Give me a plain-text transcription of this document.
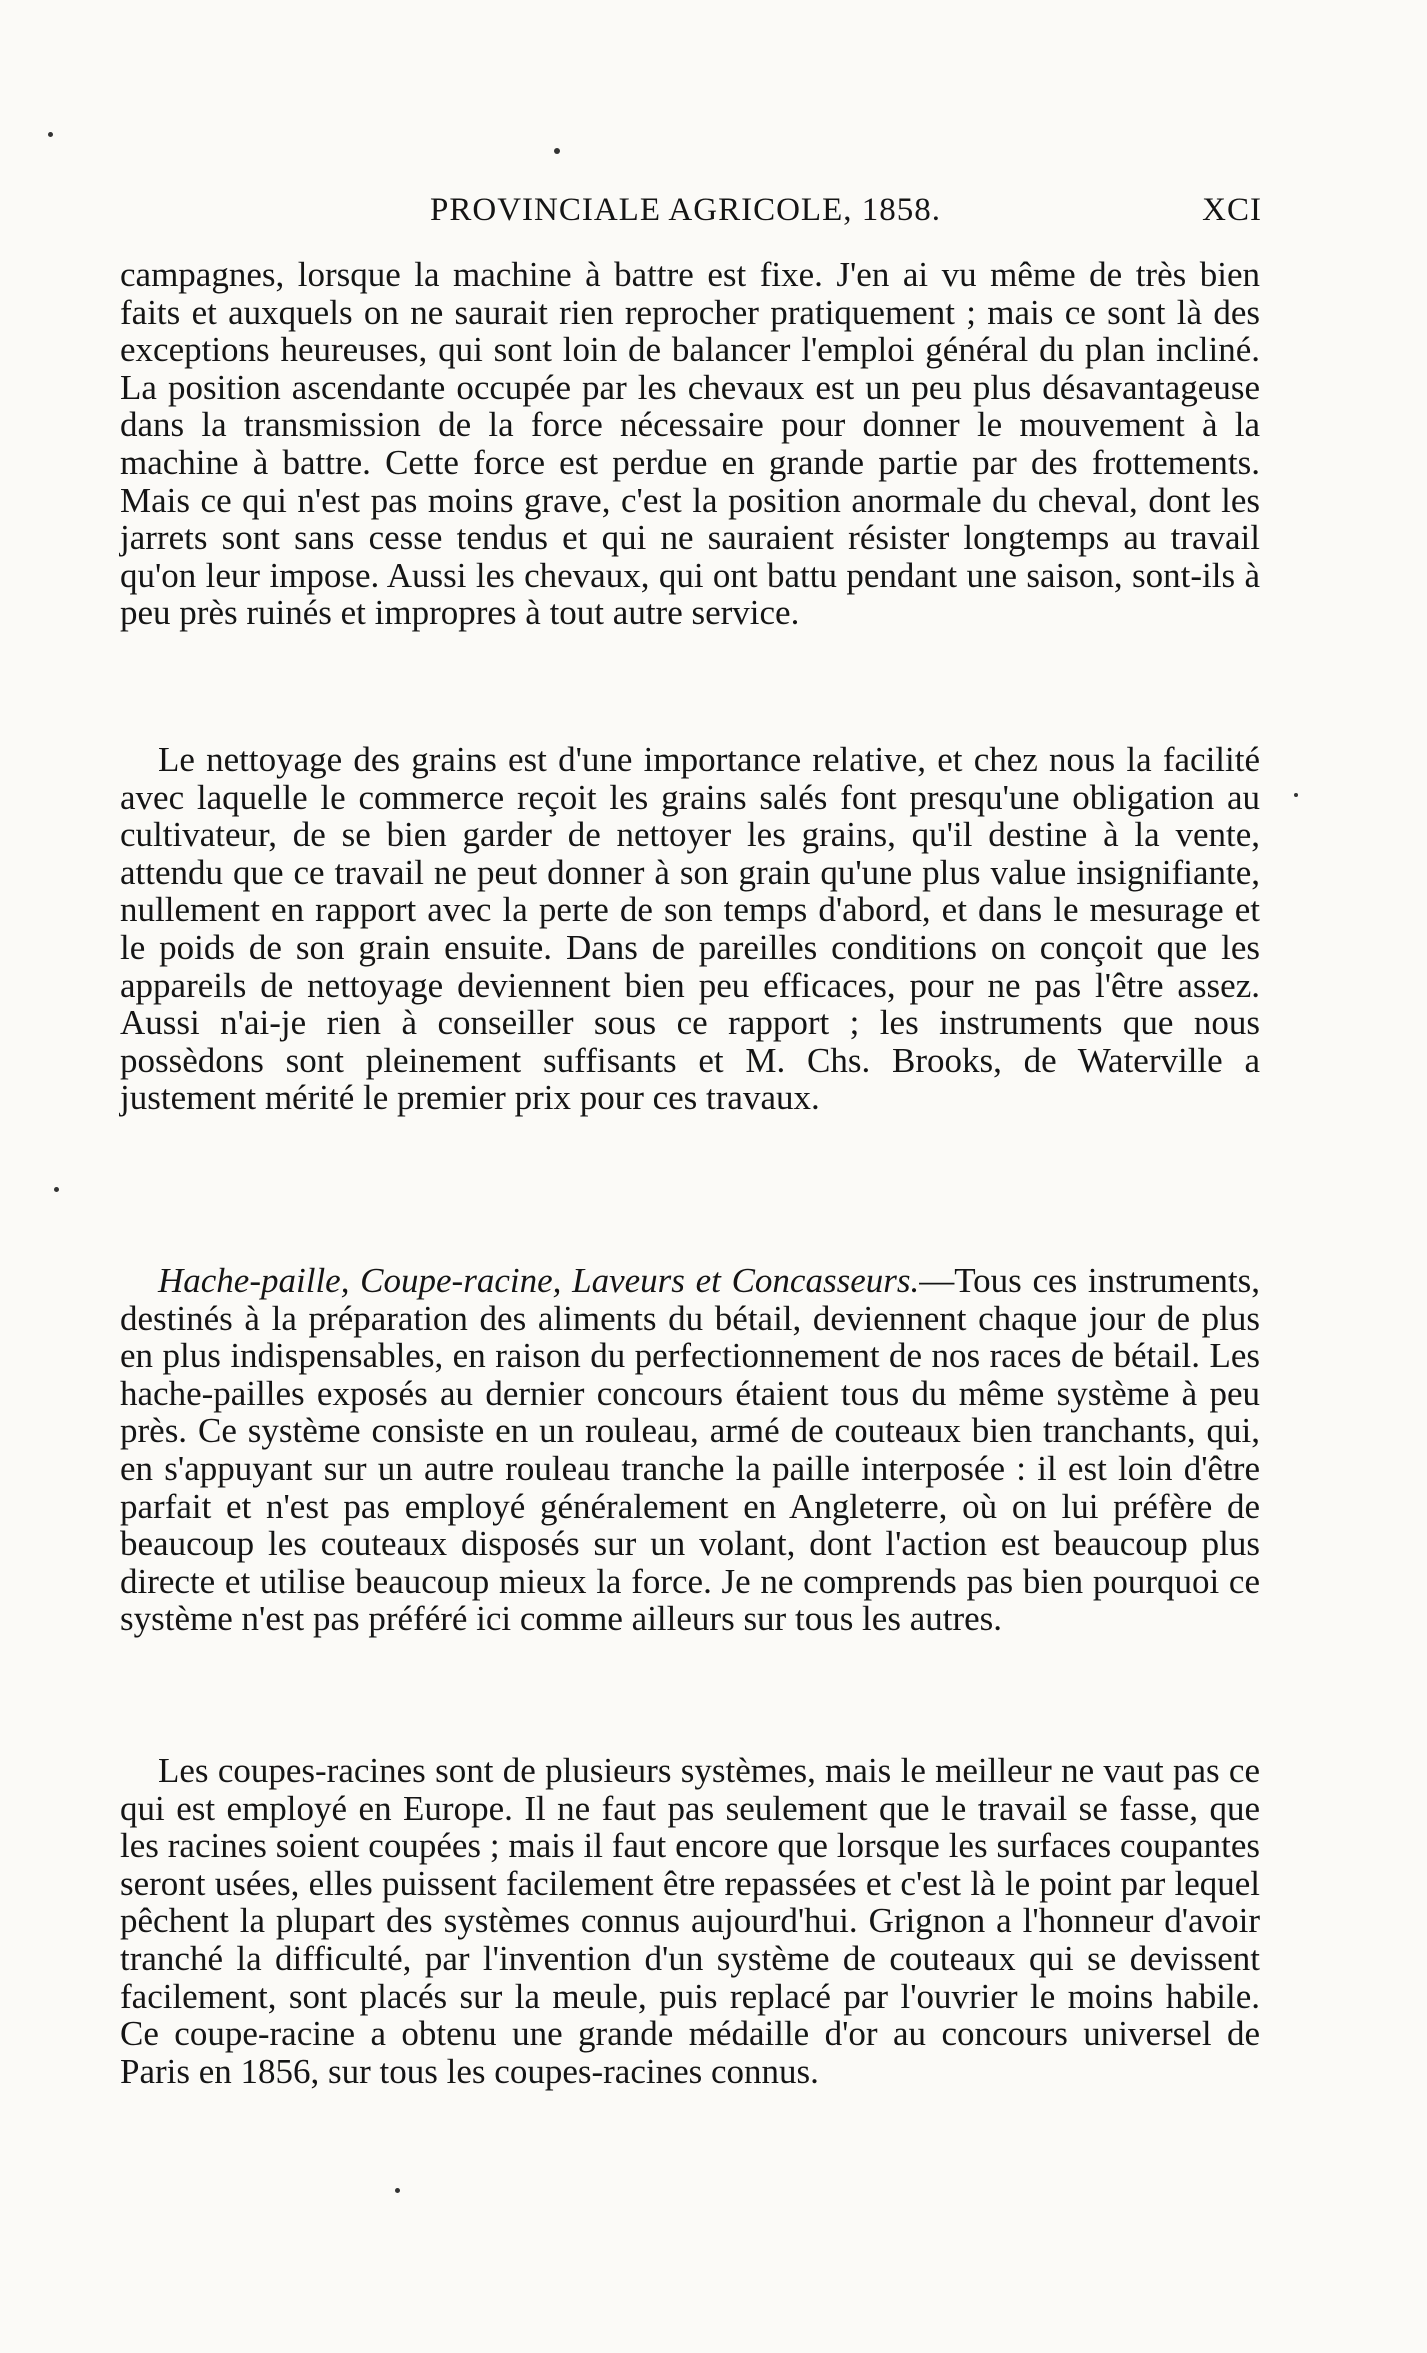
PROVINCIALE AGRICOLE, 1858.	XCI

campagnes, lorsque la machine à battre est fixe. J'en ai vu même de très bien faits et auxquels on ne saurait rien reprocher pratiquement ; mais ce sont là des exceptions heureuses, qui sont loin de balancer l'emploi général du plan incliné. La position ascendante occupée par les chevaux est un peu plus désavantageuse dans la transmission de la force nécessaire pour donner le mouvement à la machine à battre. Cette force est perdue en grande partie par des frottements. Mais ce qui n'est pas moins grave, c'est la position anormale du cheval, dont les jarrets sont sans cesse tendus et qui ne sauraient résister longtemps au travail qu'on leur impose. Aussi les chevaux, qui ont battu pendant une saison, sont-ils à peu près ruinés et impropres à tout autre service.

Le nettoyage des grains est d'une importance relative, et chez nous la facilité avec laquelle le commerce reçoit les grains salés font presqu'une obligation au cultivateur, de se bien garder de nettoyer les grains, qu'il destine à la vente, attendu que ce travail ne peut donner à son grain qu'une plus value insignifiante, nullement en rapport avec la perte de son temps d'abord, et dans le mesurage et le poids de son grain ensuite. Dans de pareilles conditions on conçoit que les appareils de nettoyage deviennent bien peu efficaces, pour ne pas l'être assez. Aussi n'ai-je rien à conseiller sous ce rapport ; les instruments que nous possèdons sont pleinement suffisants et M. Chs. Brooks, de Waterville a justement mérité le premier prix pour ces travaux.

Hache-paille, Coupe-racine, Laveurs et Concasseurs.—Tous ces instruments, destinés à la préparation des aliments du bétail, deviennent chaque jour de plus en plus indispensables, en raison du perfectionnement de nos races de bétail. Les hache-pailles exposés au dernier concours étaient tous du même système à peu près. Ce système consiste en un rouleau, armé de couteaux bien tranchants, qui, en s'appuyant sur un autre rouleau tranche la paille interposée : il est loin d'être parfait et n'est pas employé généralement en Angleterre, où on lui préfère de beaucoup les couteaux disposés sur un volant, dont l'action est beaucoup plus directe et utilise beaucoup mieux la force. Je ne comprends pas bien pourquoi ce système n'est pas préféré ici comme ailleurs sur tous les autres.

Les coupes-racines sont de plusieurs systèmes, mais le meilleur ne vaut pas ce qui est employé en Europe. Il ne faut pas seulement que le travail se fasse, que les racines soient coupées ; mais il faut encore que lorsque les surfaces coupantes seront usées, elles puissent facilement être repassées et c'est là le point par lequel pêchent la plupart des systèmes connus aujourd'hui. Grignon a l'honneur d'avoir tranché la difficulté, par l'invention d'un système de couteaux qui se devissent facilement, sont placés sur la meule, puis replacé par l'ouvrier le moins habile. Ce coupe-racine a obtenu une grande médaille d'or au concours universel de Paris en 1856, sur tous les coupes-racines connus.
